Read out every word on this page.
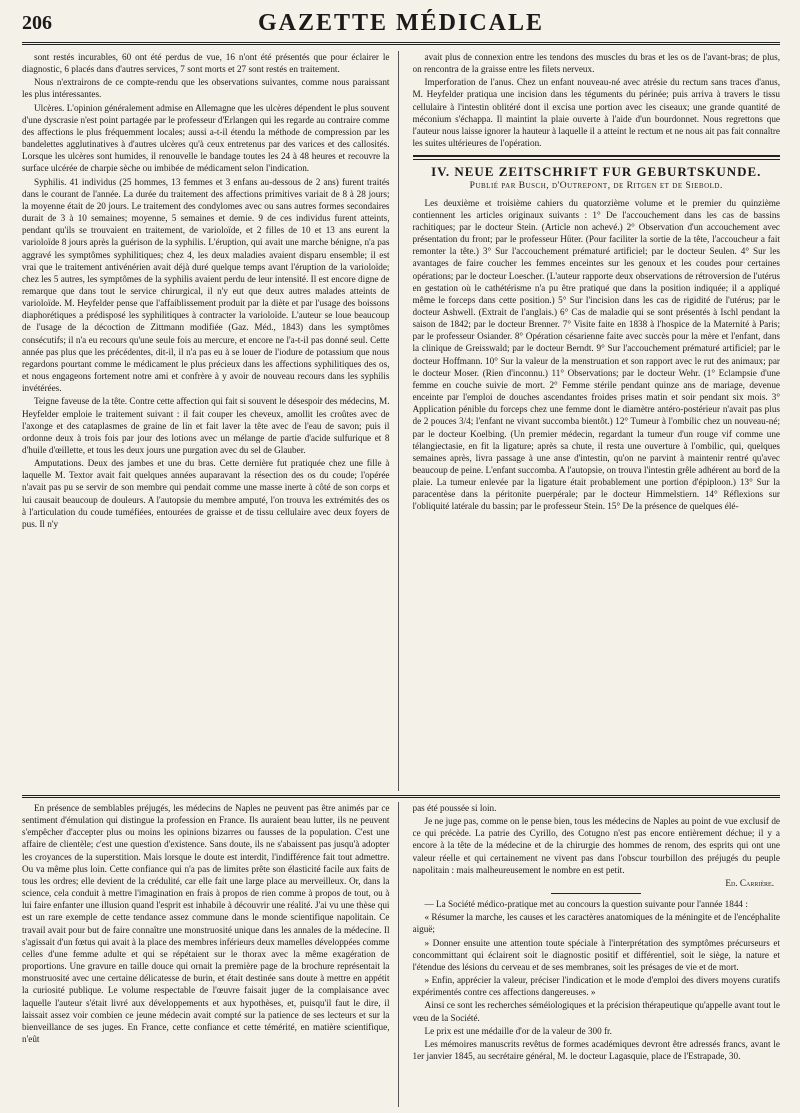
206	GAZETTE MÉDICALE

sont restés incurables, 60 ont été perdus de vue, 16 n'ont été présentés que pour éclairer le diagnostic, 6 placés dans d'autres services, 7 sont morts et 27 sont restés en traitement.

Nous n'extrairons de ce compte-rendu que les observations suivantes, comme nous paraissant les plus intéressantes.

Ulcères. L'opinion généralement admise en Allemagne que les ulcères dépendent le plus souvent d'une dyscrasie n'est point partagée par le professeur d'Erlangen qui les regarde au contraire comme des affections le plus fréquemment locales; aussi a-t-il étendu la méthode de compression par les bandelettes agglutinatives à d'autres ulcères qu'à ceux entretenus par des varices et des callosités. Lorsque les ulcères sont humides, il renouvelle le bandage toutes les 24 à 48 heures et recouvre la surface ulcérée de charpie sèche ou imbibée de médicament selon l'indication.

Syphilis. 41 individus (25 hommes, 13 femmes et 3 enfans au-dessous de 2 ans) furent traités dans le courant de l'année. La durée du traitement des affections primitives variait de 8 à 28 jours; la moyenne était de 20 jours. Le traitement des condylomes avec ou sans autres formes secondaires durait de 3 à 10 semaines; moyenne, 5 semaines et demie. 9 de ces individus furent atteints, pendant qu'ils se trouvaient en traitement, de varioloïde, et 2 filles de 10 et 13 ans eurent la varioloïde 8 jours après la guérison de la syphilis. L'éruption, qui avait une marche bénigne, n'a pas aggravé les symptômes syphilitiques; chez 4, les deux maladies avaient disparu ensemble; il est vrai que le traitement antivénérien avait déjà duré quelque temps avant l'éruption de la varioloïde; chez les 5 autres, les symptômes de la syphilis avaient perdu de leur intensité. Il est encore digne de remarque que dans tout le service chirurgical, il n'y eut que deux autres malades atteints de varioloïde. M. Heyfelder pense que l'affaiblissement produit par la diète et par l'usage des boissons diaphorétiques a prédisposé les syphilitiques à contracter la varioloïde. L'auteur se loue beaucoup de l'usage de la décoction de Zittmann modifiée (Gaz. Méd., 1843) dans les symptômes consécutifs; il n'a eu recours qu'une seule fois au mercure, et encore ne l'a-t-il pas donné seul. Cette année pas plus que les précédentes, dit-il, il n'a pas eu à se louer de l'iodure de potassium que nous regardons pourtant comme le médicament le plus précieux dans les affections syphilitiques des os, et nous engageons fortement notre ami et confrère à y avoir de nouveau recours dans les syphilis invétérées.

Teigne faveuse de la tête. Contre cette affection qui fait si souvent le désespoir des médecins, M. Heyfelder emploie le traitement suivant : il fait couper les cheveux, amollit les croûtes avec de l'axonge et des cataplasmes de graine de lin et fait laver la tête avec de l'eau de savon; puis il ordonne deux à trois fois par jour des lotions avec un mélange de partie d'acide sulfurique et 8 d'huile d'œillette, et tous les deux jours une purgation avec du sel de Glauber.

Amputations. Deux des jambes et une du bras. Cette dernière fut pratiquée chez une fille à laquelle M. Textor avait fait quelques années auparavant la résection des os du coude; l'opérée n'avait pas pu se servir de son membre qui pendait comme une masse inerte à côté de son corps et lui causait beaucoup de douleurs. A l'autopsie du membre amputé, l'on trouva les extrémités des os à l'articulation du coude tuméfiées, entourées de graisse et de tissu cellulaire avec deux foyers de pus. Il n'y

avait plus de connexion entre les tendons des muscles du bras et les os de l'avant-bras; de plus, on rencontra de la graisse entre les filets nerveux.

Imperforation de l'anus. Chez un enfant nouveau-né avec atrésie du rectum sans traces d'anus, M. Heyfelder pratiqua une incision dans les téguments du périnée; puis arriva à travers le tissu cellulaire à l'intestin oblitéré dont il excisa une portion avec les ciseaux; une grande quantité de méconium s'échappa. Il maintint la plaie ouverte à l'aide d'un bourdonnet. Nous regrettons que l'auteur nous laisse ignorer la hauteur à laquelle il a atteint le rectum et ne nous ait pas fait connaître les suites ultérieures de l'opération.

IV. NEUE ZEITSCHRIFT FUR GEBURTSKUNDE.
Publié par Busch, d'Outrepont, de Ritgen et de Siebold.

Les deuxième et troisième cahiers du quatorzième volume et le premier du quinzième contiennent les articles originaux suivants : 1° De l'accouchement dans les cas de bassins rachitiques; par le docteur Stein. (Article non achevé.) 2° Observation d'un accouchement avec présentation du front; par le professeur Hüter. (Pour faciliter la sortie de la tête, l'accoucheur a fait remonter la tête.) 3° Sur l'accouchement prématuré artificiel; par le docteur Seulen. 4° Sur les avantages de faire coucher les femmes enceintes sur les genoux et les coudes pour certaines opérations; par le docteur Loescher. (L'auteur rapporte deux observations de rétroversion de l'utérus en gestation où le cathétérisme n'a pu être pratiqué que dans la position indiquée; il a appliqué même le forceps dans cette position.) 5° Sur l'incision dans les cas de rigidité de l'utérus; par le docteur Ashwell. (Extrait de l'anglais.) 6° Cas de maladie qui se sont présentés à Ischl pendant la saison de 1842; par le docteur Brenner. 7° Visite faite en 1838 à l'hospice de la Maternité à Paris; par le professeur Osiander. 8° Opération césarienne faite avec succès pour la mère et l'enfant, dans la clinique de Greisswald; par le docteur Berndt. 9° Sur l'accouchement prématuré artificiel; par le docteur Hoffmann. 10° Sur la valeur de la menstruation et son rapport avec le rut des animaux; par le docteur Moser. (Rien d'inconnu.) 11° Observations; par le docteur Wehr. (1° Eclampsie d'une femme en couche suivie de mort. 2° Femme stérile pendant quinze ans de mariage, devenue enceinte par l'emploi de douches ascendantes froides prises matin et soir pendant six mois. 3° Application pénible du forceps chez une femme dont le diamètre antéro-postérieur n'avait pas plus de 2 pouces 3/4; l'enfant ne vivant succomba bientôt.) 12° Tumeur à l'ombilic chez un nouveau-né; par le docteur Koelbing. (Un premier médecin, regardant la tumeur d'un rouge vif comme une télangiectasie, en fit la ligature; après sa chute, il resta une ouverture à l'ombilic, qui, quelques semaines après, livra passage à une anse d'intestin, qu'on ne parvint à maintenir rentré qu'avec beaucoup de peine. L'enfant succomba. A l'autopsie, on trouva l'intestin grêle adhérent au bord de la plaie. La tumeur enlevée par la ligature était probablement une portion d'épiploon.) 13° Sur la paracentèse dans la péritonite puerpérale; par le docteur Himmelstiern. 14° Réflexions sur l'obliquité latérale du bassin; par le professeur Stein. 15° De la présence de quelques élé-

En présence de semblables préjugés, les médecins de Naples ne peuvent pas être animés par ce sentiment d'émulation qui distingue la profession en France. Ils auraient beau lutter, ils ne peuvent s'empêcher d'accepter plus ou moins les opinions bizarres ou fausses de la population. C'est une affaire de clientèle; c'est une question d'existence. Sans doute, ils ne s'abaissent pas jusqu'à adopter les croyances de la superstition. Mais lorsque le doute est interdit, l'indifférence fait tout admettre. Ou va même plus loin. Cette confiance qui n'a pas de limites prête son élasticité facile aux faits de tous les ordres; elle devient de la crédulité, car elle fait une large place au merveilleux. Or, dans la science, cela conduit à mettre l'imagination en frais à propos de rien comme à propos de tout, ou à lui faire enfanter une illusion quand l'esprit est inhabile à découvrir une réalité. J'ai vu une thèse qui est un rare exemple de cette tendance assez commune dans le monde scientifique napolitain. Ce travail avait pour but de faire connaître une monstruosité unique dans les annales de la médecine. Il s'agissait d'un fœtus qui avait à la place des membres inférieurs deux mamelles développées comme celles d'une femme adulte et qui se répétaient sur le thorax avec la même exagération de proportions. Une gravure en taille douce qui ornait la première page de la brochure représentait la monstruosité avec une certaine délicatesse de burin, et était destinée sans doute à mettre en appétit la curiosité publique. Le volume respectable de l'œuvre faisait juger de la complaisance avec laquelle l'auteur s'était livré aux développements et aux hypothèses, et, puisqu'il faut le dire, il laissait assez voir combien ce jeune médecin avait compté sur la patience de ses lecteurs et sur la bienveillance de ses juges. En France, cette confiance et cette témérité, en matière scientifique, n'eût

pas été poussée si loin.

Je ne juge pas, comme on le pense bien, tous les médecins de Naples au point de vue exclusif de ce qui précède. La patrie des Cyrillo, des Cotugno n'est pas encore entièrement déchue; il y a encore à la tête de la médecine et de la chirurgie des hommes de renom, des esprits qui ont une valeur réelle et qui certainement ne vivent pas dans l'obscur tourbillon des préjugés du peuple napolitain : mais malheureusement le nombre en est petit.

Ed. Carrière.

— La Société médico-pratique met au concours la question suivante pour l'année 1844 :

« Résumer la marche, les causes et les caractères anatomiques de la méningite et de l'encéphalite aiguë;

» Donner ensuite une attention toute spéciale à l'interprétation des symptômes précurseurs et concommittant qui éclairent soit le diagnostic positif et différentiel, soit le siège, la nature et l'étendue des lésions du cerveau et de ses membranes, soit les présages de vie et de mort.

» Enfin, apprécier la valeur, préciser l'indication et le mode d'emploi des divers moyens curatifs expérimentés contre ces affections dangereuses. »

Ainsi ce sont les recherches séméiologiques et la précision thérapeutique qu'appelle avant tout le vœu de la Société.

Le prix est une médaille d'or de la valeur de 300 fr.

Les mémoires manuscrits revêtus de formes académiques devront être adressés francs, avant le 1er janvier 1845, au secrétaire général, M. le docteur Lagasquie, place de l'Estrapade, 30.
